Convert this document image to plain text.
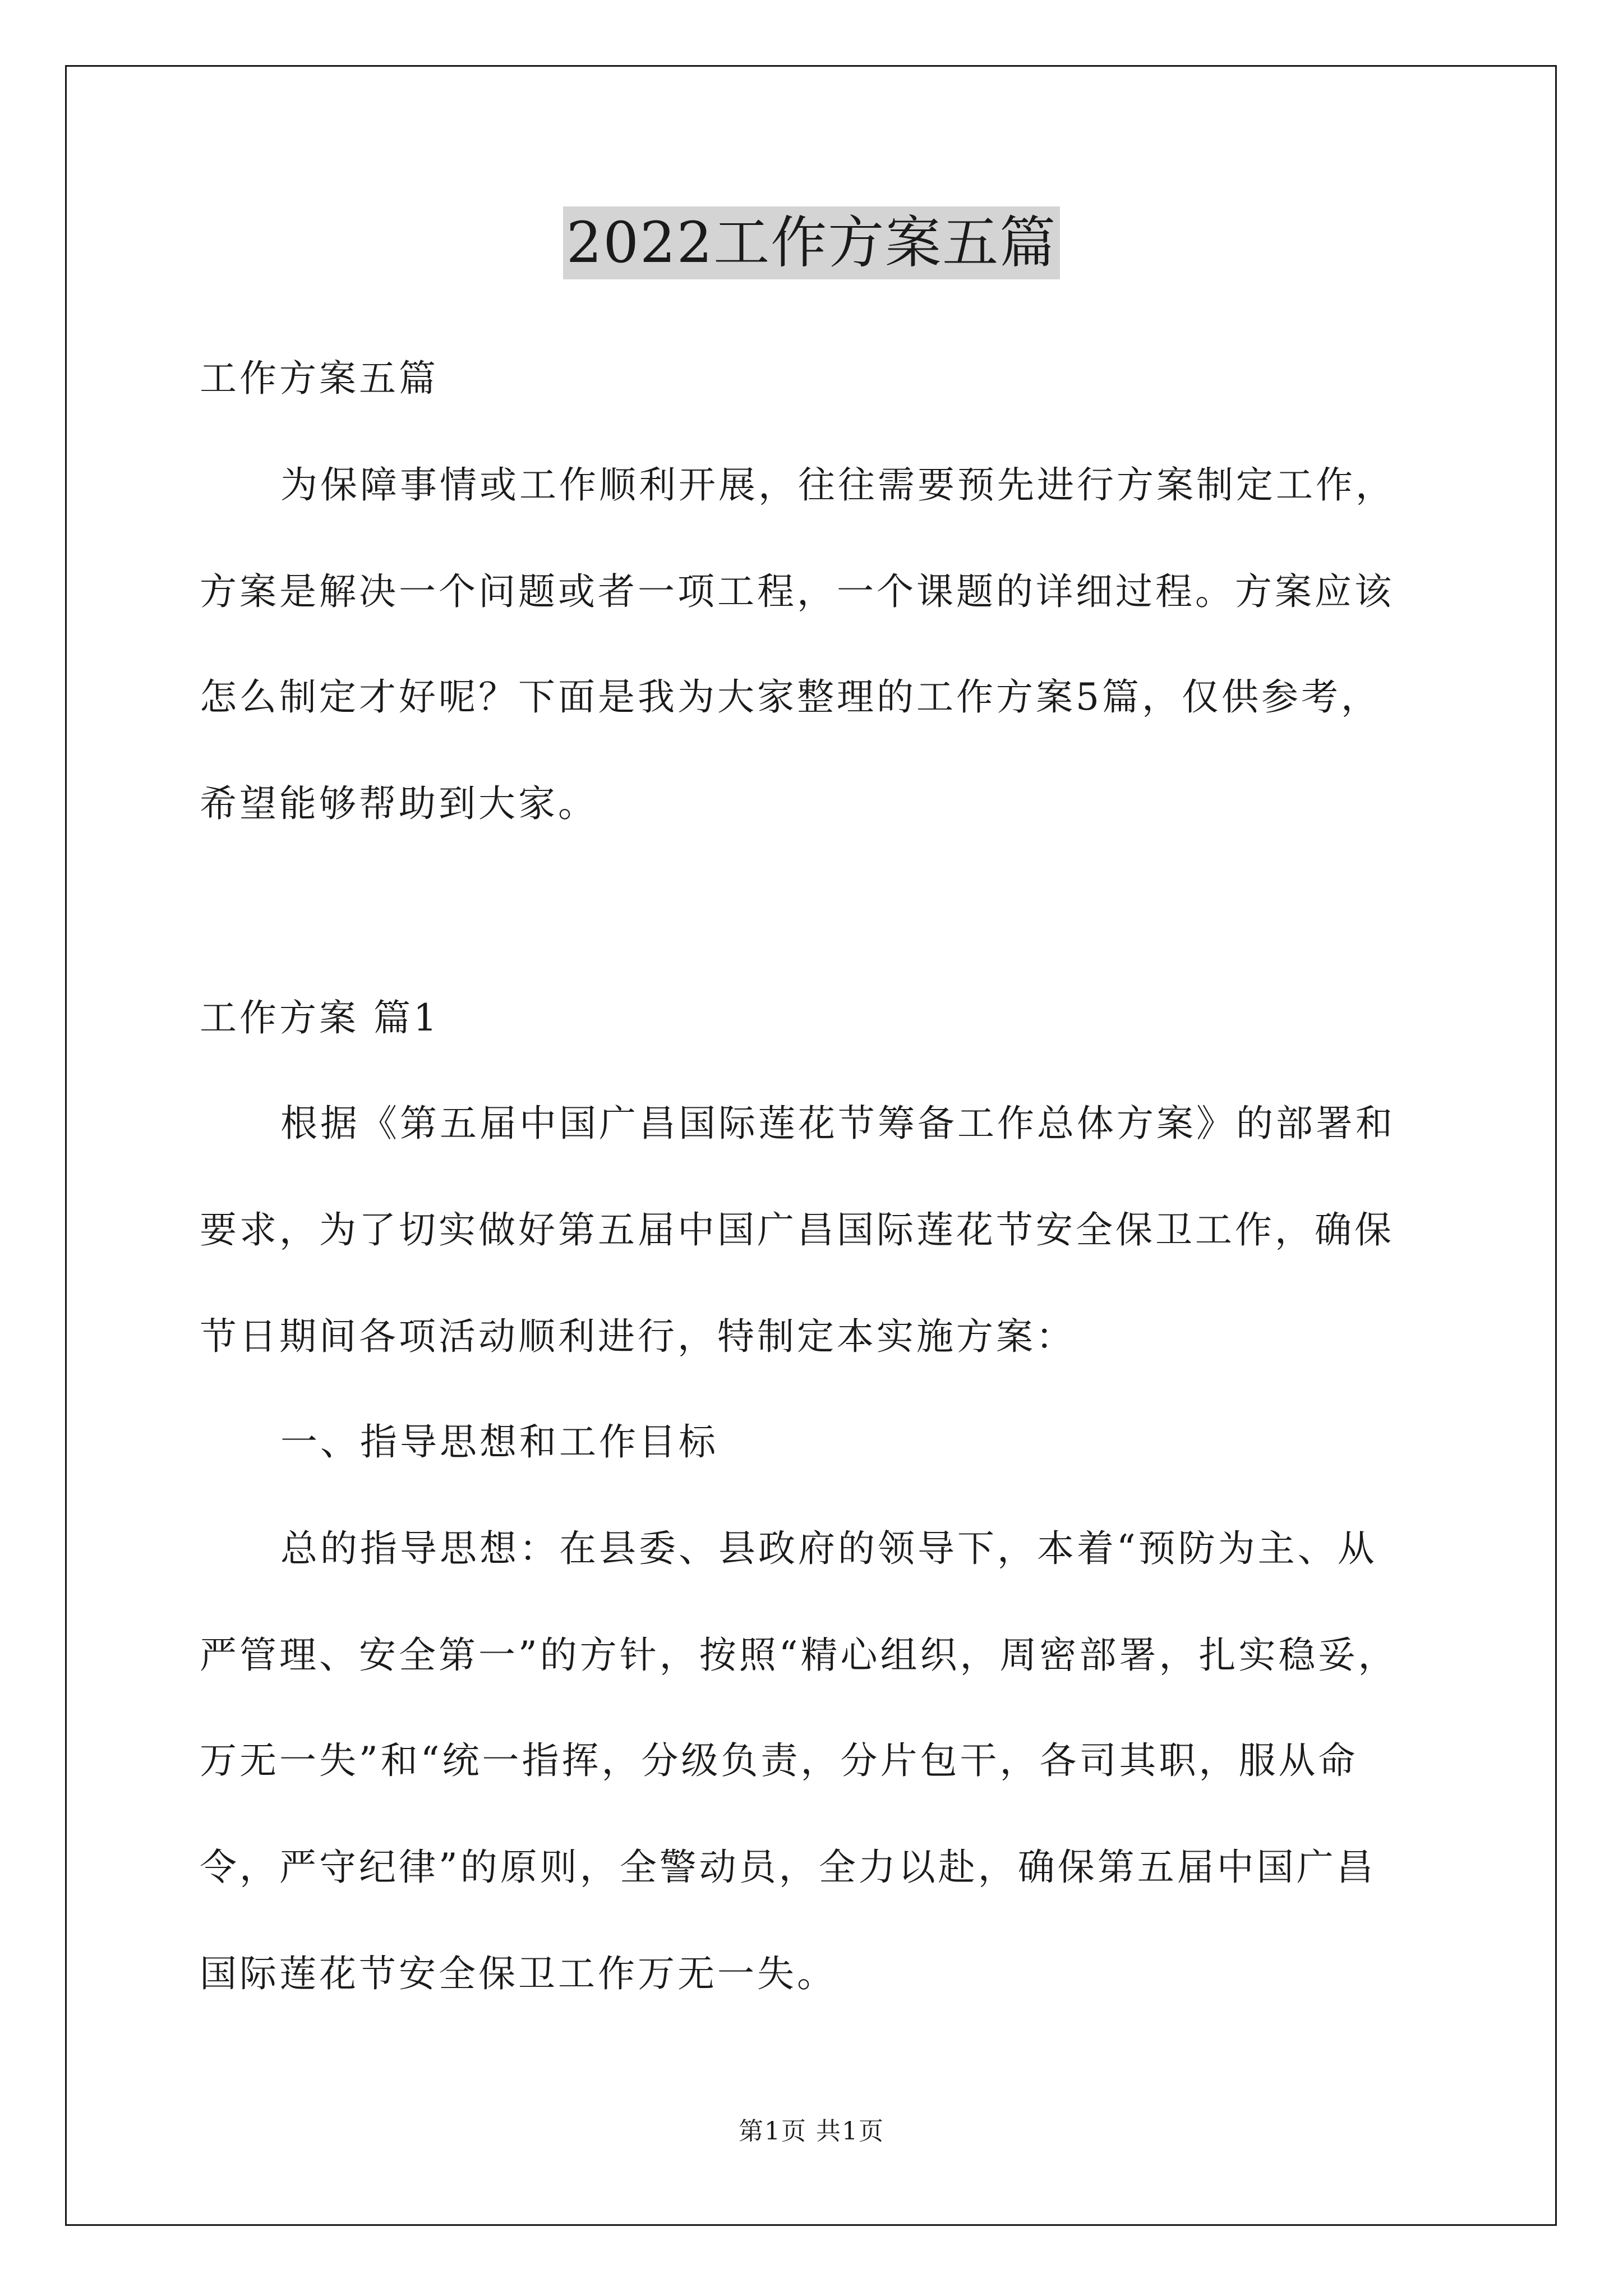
2022工作方案五篇
工作方案五篇
为保障事情或工作顺利开展，往往需要预先进行方案制定工作，
方案是解决一个问题或者一项工程，一个课题的详细过程。方案应该
怎么制定才好呢？下面是我为大家整理的工作方案5篇，仅供参考，
希望能够帮助到大家。
工作方案 篇1
根据《第五届中国广昌国际莲花节筹备工作总体方案》的部署和
要求，为了切实做好第五届中国广昌国际莲花节安全保卫工作，确保
节日期间各项活动顺利进行，特制定本实施方案：
一、指导思想和工作目标
总的指导思想：在县委、县政府的领导下，本着“预防为主、从
严管理、安全第一”的方针，按照“精心组织，周密部署，扎实稳妥，
万无一失”和“统一指挥，分级负责，分片包干，各司其职，服从命
令，严守纪律”的原则，全警动员，全力以赴，确保第五届中国广昌
国际莲花节安全保卫工作万无一失。
第1页 共1页
